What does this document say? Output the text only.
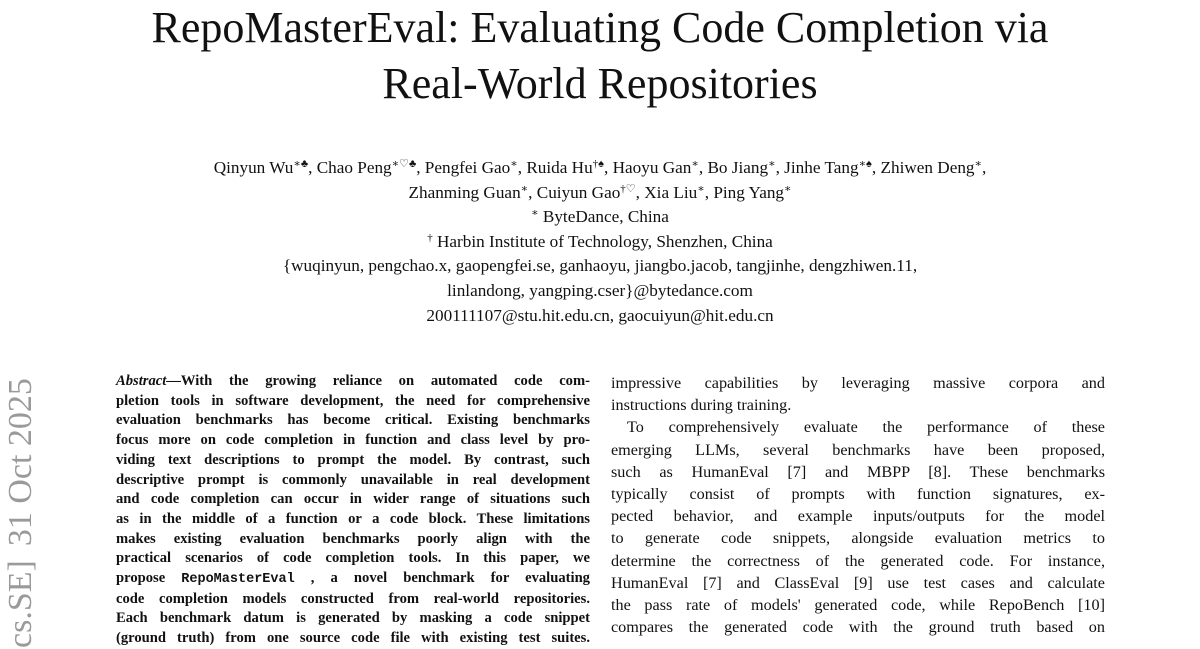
RepoMasterEval: Evaluating Code Completion via
Real-World Repositories
Qinyun Wu∗♣, Chao Peng∗♡♣, Pengfei Gao∗, Ruida Hu†♠, Haoyu Gan∗, Bo Jiang∗, Jinhe Tang∗♠, Zhiwen Deng∗,
Zhanming Guan∗, Cuiyun Gao†♡, Xia Liu∗, Ping Yang∗
∗ ByteDance, China
† Harbin Institute of Technology, Shenzhen, China
{wuqinyun, pengchao.x, gaopengfei.se, ganhaoyu, jiangbo.jacob, tangjinhe, dengzhiwen.11,
linlandong, yangping.cser}@bytedance.com
200111107@stu.hit.edu.cn, gaocuiyun@hit.edu.cn
cs.SE]31 Oct 2025	Abstract—With the growing reliance on automated code com-
pletion tools in software development, the need for comprehensive
evaluation benchmarks has become critical. Existing benchmarks
focus more on code completion in function and class level by pro-
viding text descriptions to prompt the model. By contrast, such
descriptive prompt is commonly unavailable in real development
and code completion can occur in wider range of situations such
as in the middle of a function or a code block. These limitations
makes existing evaluation benchmarks poorly align with the
practical scenarios of code completion tools. In this paper, we
propose RepoMasterEval , a novel benchmark for evaluating
code completion models constructed from real-world repositories.
Each benchmark datum is generated by masking a code snippet
(ground truth) from one source code file with existing test suites.
impressive capabilities by leveraging massive corpora and
instructions during training.
To comprehensively evaluate the performance of these
emerging LLMs, several benchmarks have been proposed,
such as HumanEval [7] and MBPP [8]. These benchmarks
typically consist of prompts with function signatures, ex-
pected behavior, and example inputs/outputs for the model
to generate code snippets, alongside evaluation metrics to
determine the correctness of the generated code. For instance,
HumanEval [7] and ClassEval [9] use test cases and calculate
the pass rate of models' generated code, while RepoBench [10]
compares the generated code with the ground truth based on
